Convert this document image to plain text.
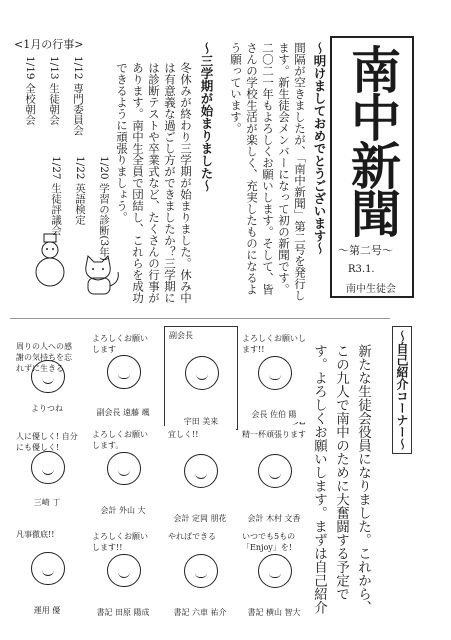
南中新聞
〜第二号〜
R3.1.
南中生徒会
〜明けましておめでとうございます〜
間隔が空きましたが、「南中新聞」第二号を発行します。新生徒会メンバーになって初の新聞です。二〇二一年もよろしくお願いします。そして、皆さんの学校生活が楽しく、充実したものになるよう願っています。
〜三学期が始まりました〜
冬休みが終わり三学期が始まりました。休み中は有意義な過ごし方ができましたか？三学期には診断テストや卒業式など、たくさんの行事があります。南中生全員で団結し、これらを成功できるように頑張りましょう。
<1月の行事>
1/12 専門委員会
1/13 生徒朝会
1/19 全校朝会
1/20 学習の診断(3年)
1/22 英語検定
1/27 生徒評議会
〜自己紹介コーナー〜
新たな生徒会役員になりました。これから、この九人で南中のために大奮闘する予定です。よろしくお願いします。まずは自己紹介 ひ覚えて
周りの人への感謝の気持ちを忘れずに生きる
よりつね
よろしくお願いします
副会長 遠藤 颯
副会長
宇田 美来
よろしくお願いします!!
会長 佐伯 陽
人に優しく! 自分にも優しく!
三崎 丁
よろしくお願いします。
会計 外山 大
宜しく!!
会計 定岡 朋花
精一杯頑張ります
会計 木村 文香
凡事徹底!!
運用 優
よろしくお願いします!!
書記 田原 陽成
やればできる
書記 六車 祐介
いつでも5もの「Enjoy」を!
書記 横山 智大
